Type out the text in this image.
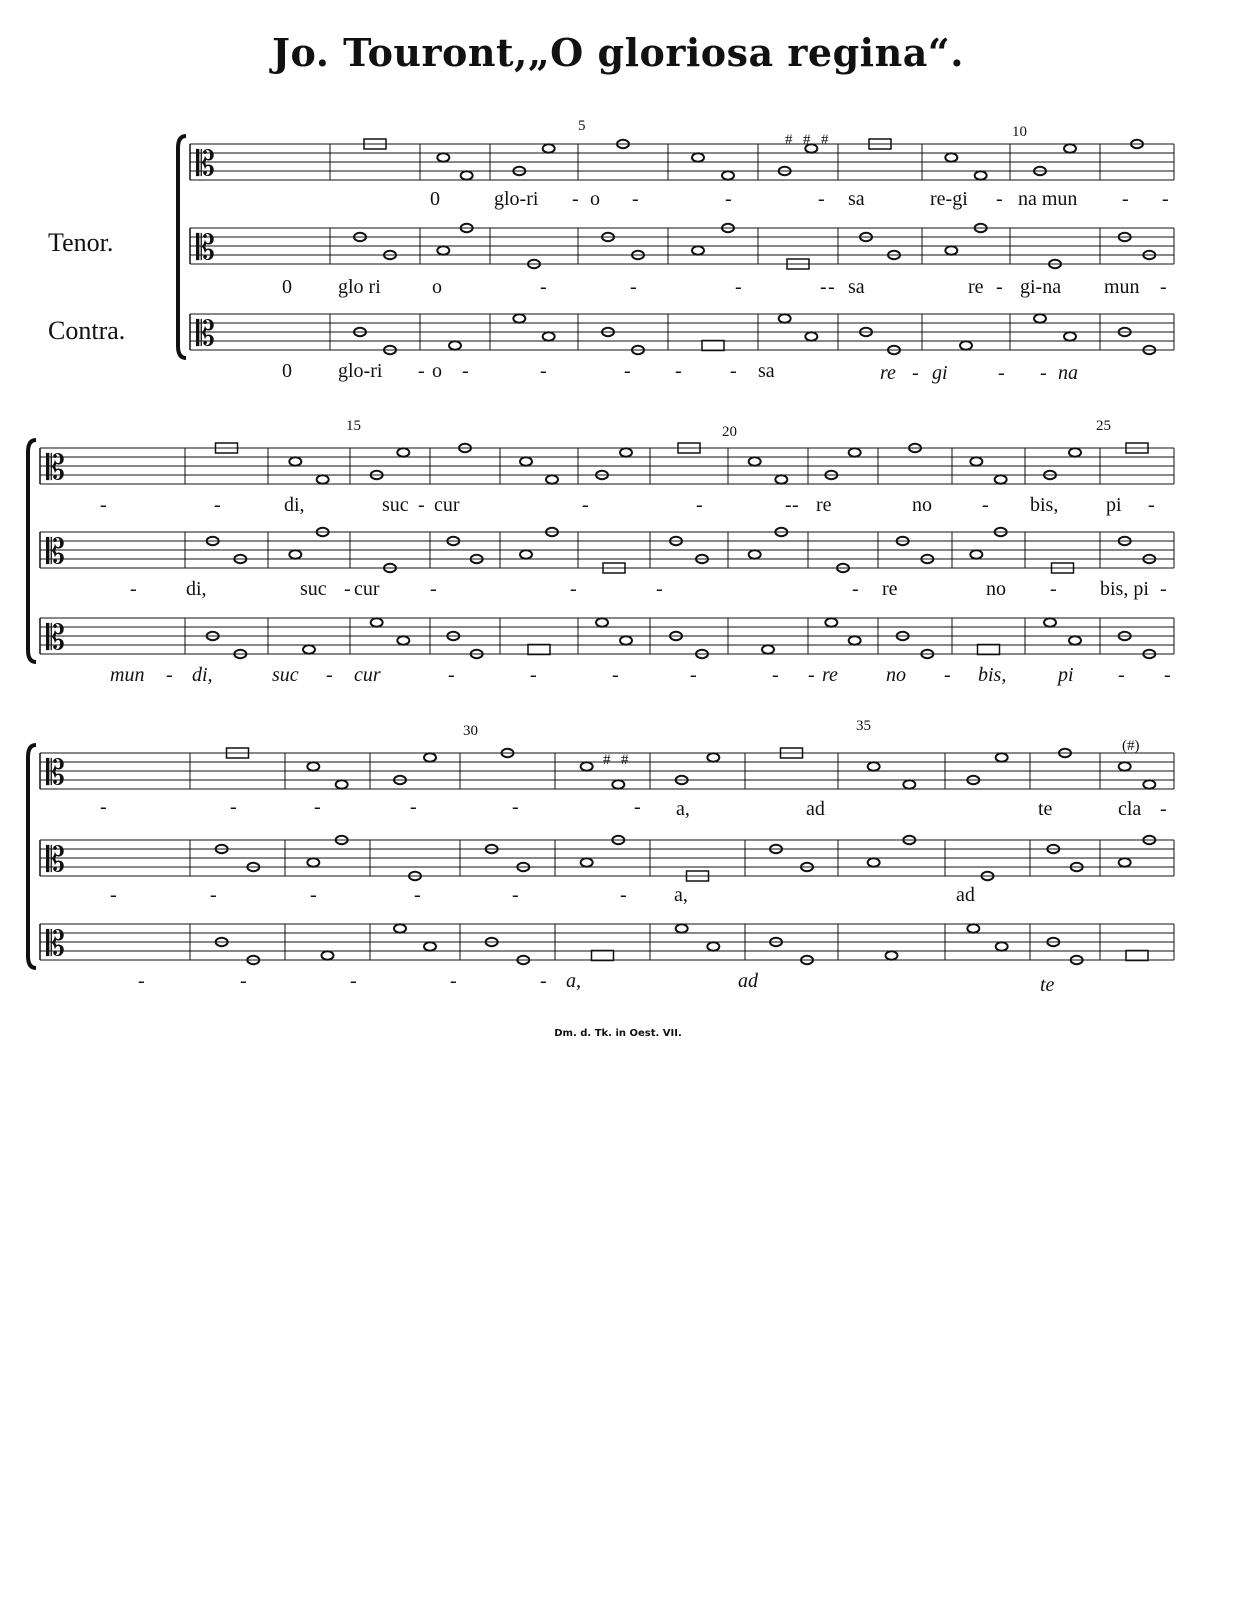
Jo. Touront,„O gloriosa regina“.
𝄡
𝄡
𝄡
𝄡
𝄡
𝄡
𝄡
𝄡
𝄡
Tenor.
Contra.
5	10
15	20	25
30	35
# # #
# #
(#)
0	glo-ri - o -	-	- sa	re-gi - na mun - -
0 glo ri	o	-	-	-	- - sa	re - gi-na mun -
0 glo-ri - o -	-	- - - sa	re - gi	- - na
-	-	di,	suc - cur	-	-	- - re	no	- bis, pi -
- di,	suc - cur	-	-	-	- re	no - bis, pi -
mun - di,	suc - cur	-	-	-	-	- - re no - bis,	pi - -
-	-	-	-	-	- a,	ad	te	cla -
-	-	-	-	-	- a,	ad
-	-	-	-	- a,	ad	te
Dm. d. Tk. in Oest. VII.
